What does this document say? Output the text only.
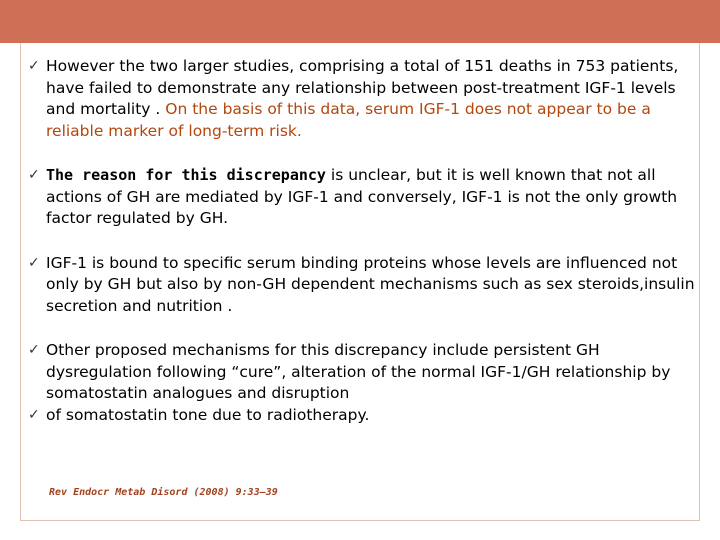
✓ However the two larger studies, comprising a total of 151 deaths in 753 patients, have failed to demonstrate any relationship between post-treatment IGF-1 levels and mortality . On the basis of this data, serum IGF-1 does not appear to be a reliable marker of long-term risk.

✓ The reason for this discrepancy is unclear, but it is well known that not all actions of GH are mediated by IGF-1 and conversely, IGF-1 is not the only growth factor regulated by GH.

✓ IGF-1 is bound to specific serum binding proteins whose levels are influenced not only by GH but also by non-GH dependent mechanisms such as sex steroids,insulin secretion and nutrition .

✓ Other proposed mechanisms for this discrepancy include persistent GH dysregulation following “cure”, alteration of the normal IGF-1/GH relationship by somatostatin analogues and disruption

✓ of somatostatin tone due to radiotherapy.
Rev Endocr Metab Disord (2008) 9:33–39
